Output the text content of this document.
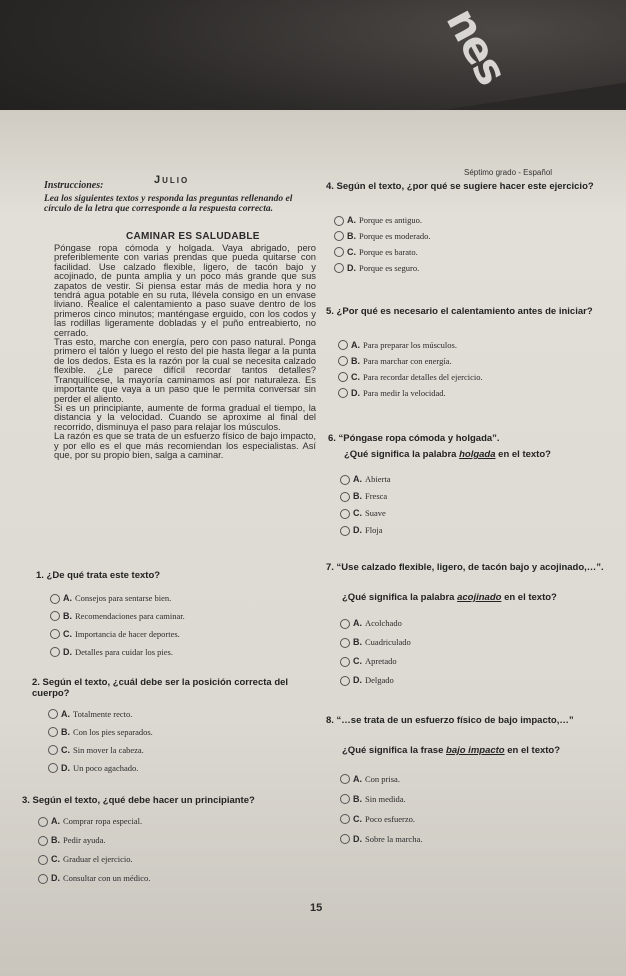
nes
Séptimo grado - Español
Julio
Instrucciones:
Lea los siguientes textos y responda las preguntas rellenando el círculo de la letra que corresponde a la respuesta correcta.
CAMINAR ES SALUDABLE

Póngase ropa cómoda y holgada. Vaya abrigado, pero preferiblemente con varias prendas que pueda quitarse con facilidad. Use calzado flexible, ligero, de tacón bajo y acojinado, de punta amplia y un poco más grande que sus zapatos de vestir. Si piensa estar más de media hora y no tendrá agua potable en su ruta, llévela consigo en un envase liviano. Realice el calentamiento a paso suave dentro de los primeros cinco minutos; manténgase erguido, con los codos y las rodillas ligeramente dobladas y el puño entreabierto, no cerrado.

Tras esto, marche con energía, pero con paso natural. Ponga primero el talón y luego el resto del pie hasta llegar a la punta de los dedos. Esta es la razón por la cual se necesita calzado flexible. ¿Le parece difícil recordar tantos detalles? Tranquilícese, la mayoría caminamos así por naturaleza. Es importante que vaya a un paso que le permita conversar sin perder el aliento.

Si es un principiante, aumente de forma gradual el tiempo, la distancia y la velocidad. Cuando se aproxime al final del recorrido, disminuya el paso para relajar los músculos.

La razón es que se trata de un esfuerzo físico de bajo impacto, y por ello es el que más recomiendan los especialistas. Así que, por su propio bien, salga a caminar.

1. ¿De qué trata este texto?
A. Consejos para sentarse bien.
B. Recomendaciones para caminar.
C. Importancia de hacer deportes.
D. Detalles para cuidar los pies.
2. Según el texto, ¿cuál debe ser la posición correcta del cuerpo?
A. Totalmente recto.
B. Con los pies separados.
C. Sin mover la cabeza.
D. Un poco agachado.
3. Según el texto, ¿qué debe hacer un principiante?
A. Comprar ropa especial.
B. Pedir ayuda.
C. Graduar el ejercicio.
D. Consultar con un médico.
4. Según el texto, ¿por qué se sugiere hacer este ejercicio?
A. Porque es antiguo.
B. Porque es moderado.
C. Porque es barato.
D. Porque es seguro.
5. ¿Por qué es necesario el calentamiento antes de iniciar?
A. Para preparar los músculos.
B. Para marchar con energía.
C. Para recordar detalles del ejercicio.
D. Para medir la velocidad.
6. “Póngase ropa cómoda y holgada”.
¿Qué significa la palabra holgada en el texto?
A. Abierta
B. Fresca
C. Suave
D. Floja
7. “Use calzado flexible, ligero, de tacón bajo y acojinado,…”.
¿Qué significa la palabra acojinado en el texto?
A. Acolchado
B. Cuadriculado
C. Apretado
D. Delgado
8. “…se trata de un esfuerzo físico de bajo impacto,…”
¿Qué significa la frase bajo impacto en el texto?
A. Con prisa.
B. Sin medida.
C. Poco esfuerzo.
D. Sobre la marcha.
15
